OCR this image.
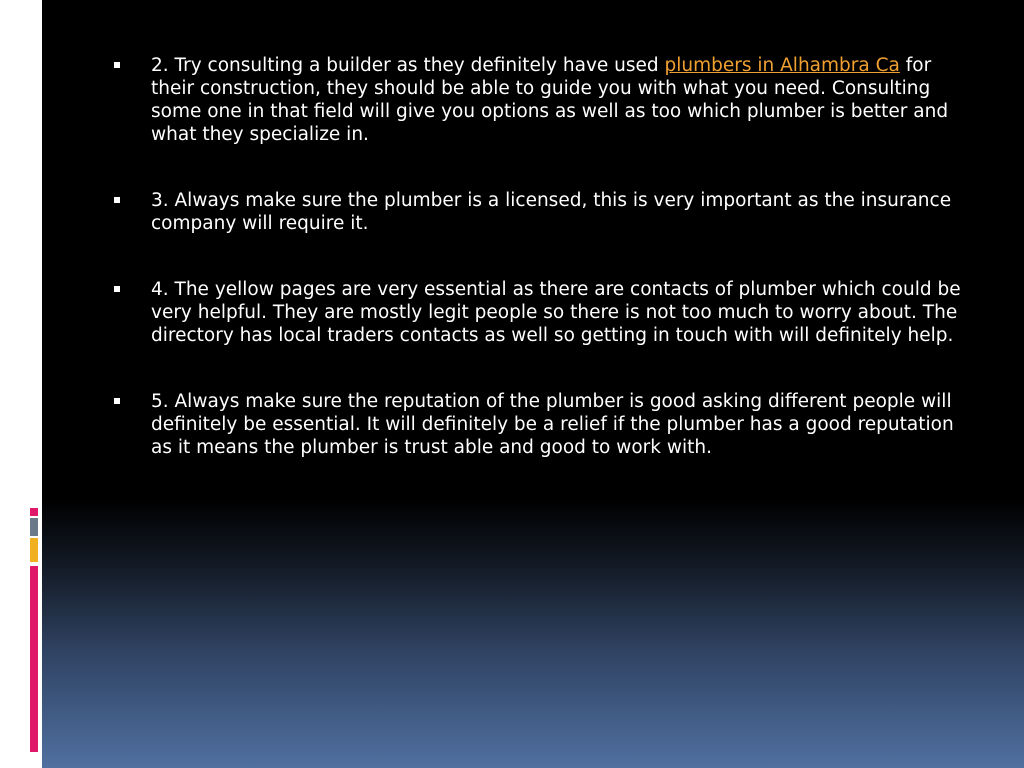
2. Try consulting a builder as they definitely have used plumbers in Alhambra Ca for their construction, they should be able to guide you with what you need. Consulting some one in that field will give you options as well as too which plumber is better and what they specialize in.
3. Always make sure the plumber is a licensed, this is very important as the insurance company will require it.
4. The yellow pages are very essential as there are contacts of plumber which could be very helpful. They are mostly legit people so there is not too much to worry about. The directory has local traders contacts as well so getting in touch with will definitely help.
5. Always make sure the reputation of the plumber is good asking different people will definitely be essential. It will definitely be a relief if the plumber has a good reputation as it means the plumber is trust able and good to work with.
